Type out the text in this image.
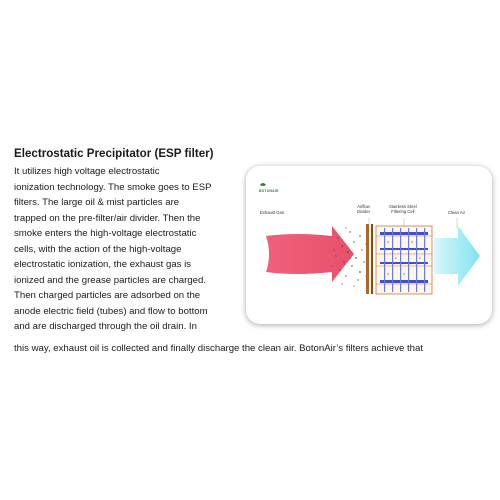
Electrostatic Precipitator (ESP filter)
It utilizes high voltage electrostatic
ionization technology. The smoke goes to ESP
filters. The large oil & mist particles are
trapped on the pre-filter/air divider. Then the
smoke enters the high-voltage electrostatic
cells, with the action of the high-voltage
electrostatic ionization, the exhaust gas is
ionized and the grease particles are charged.
Then charged particles are adsorbed on the
anode electric field (tubes) and flow to bottom
and are discharged through the oil drain. In
this way, exhaust oil is collected and finally discharge the clean air. BotonAir’s filters achieve that
BOTONAIR
Exhaust Gas
Airflow
Divider
Stainless Steel
Filtering Cell	Clean Air
